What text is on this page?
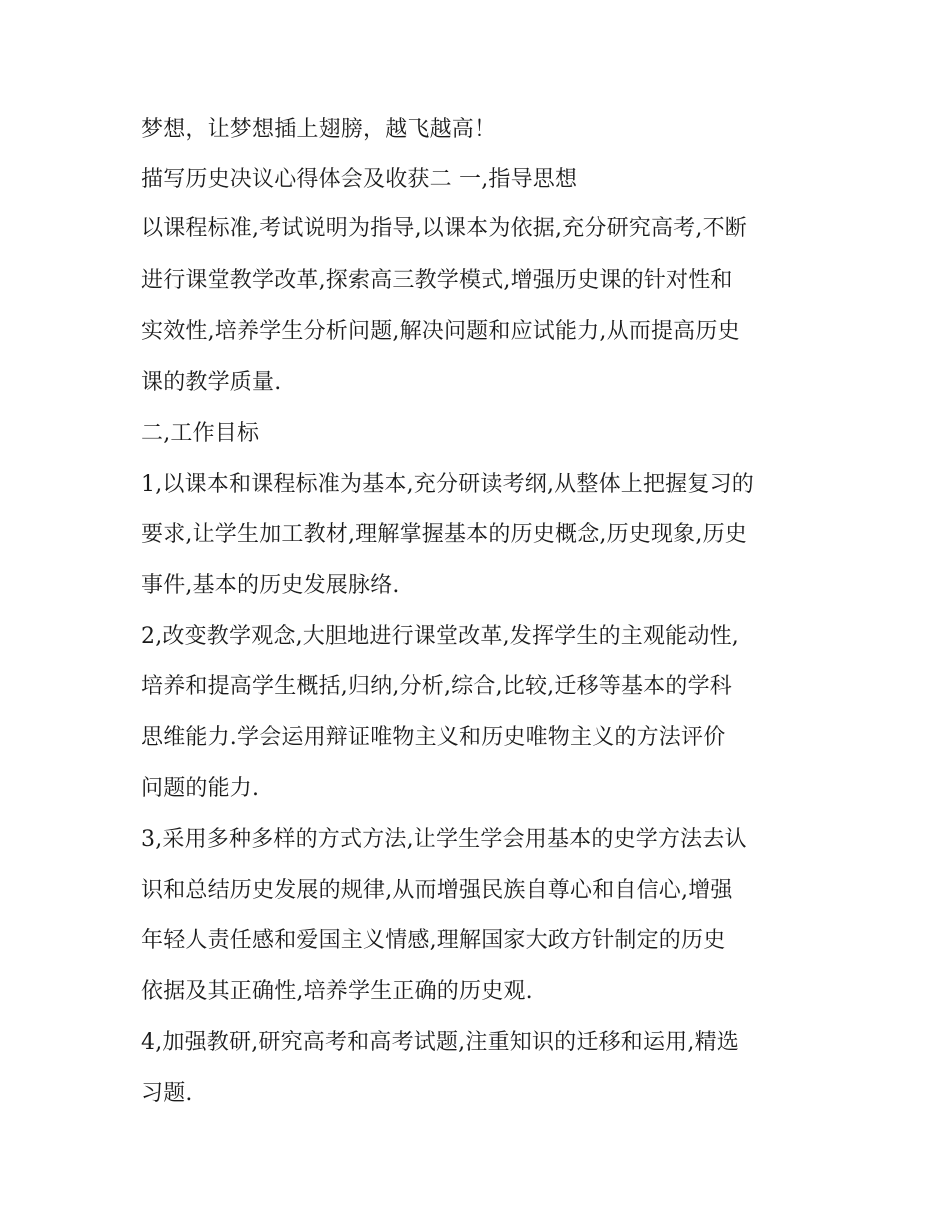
梦想，让梦想插上翅膀，越飞越高！
描写历史决议心得体会及收获二 一,指导思想
以课程标准,考试说明为指导,以课本为依据,充分研究高考,不断
进行课堂教学改革,探索高三教学模式,增强历史课的针对性和
实效性,培养学生分析问题,解决问题和应试能力,从而提高历史
课的教学质量.
二,工作目标
1,以课本和课程标准为基本,充分研读考纲,从整体上把握复习的
要求,让学生加工教材,理解掌握基本的历史概念,历史现象,历史
事件,基本的历史发展脉络.
2,改变教学观念,大胆地进行课堂改革,发挥学生的主观能动性,
培养和提高学生概括,归纳,分析,综合,比较,迁移等基本的学科
思维能力.学会运用辩证唯物主义和历史唯物主义的方法评价
问题的能力.
3,采用多种多样的方式方法,让学生学会用基本的史学方法去认
识和总结历史发展的规律,从而增强民族自尊心和自信心,增强
年轻人责任感和爱国主义情感,理解国家大政方针制定的历史
依据及其正确性,培养学生正确的历史观.
4,加强教研,研究高考和高考试题,注重知识的迁移和运用,精选
习题.
